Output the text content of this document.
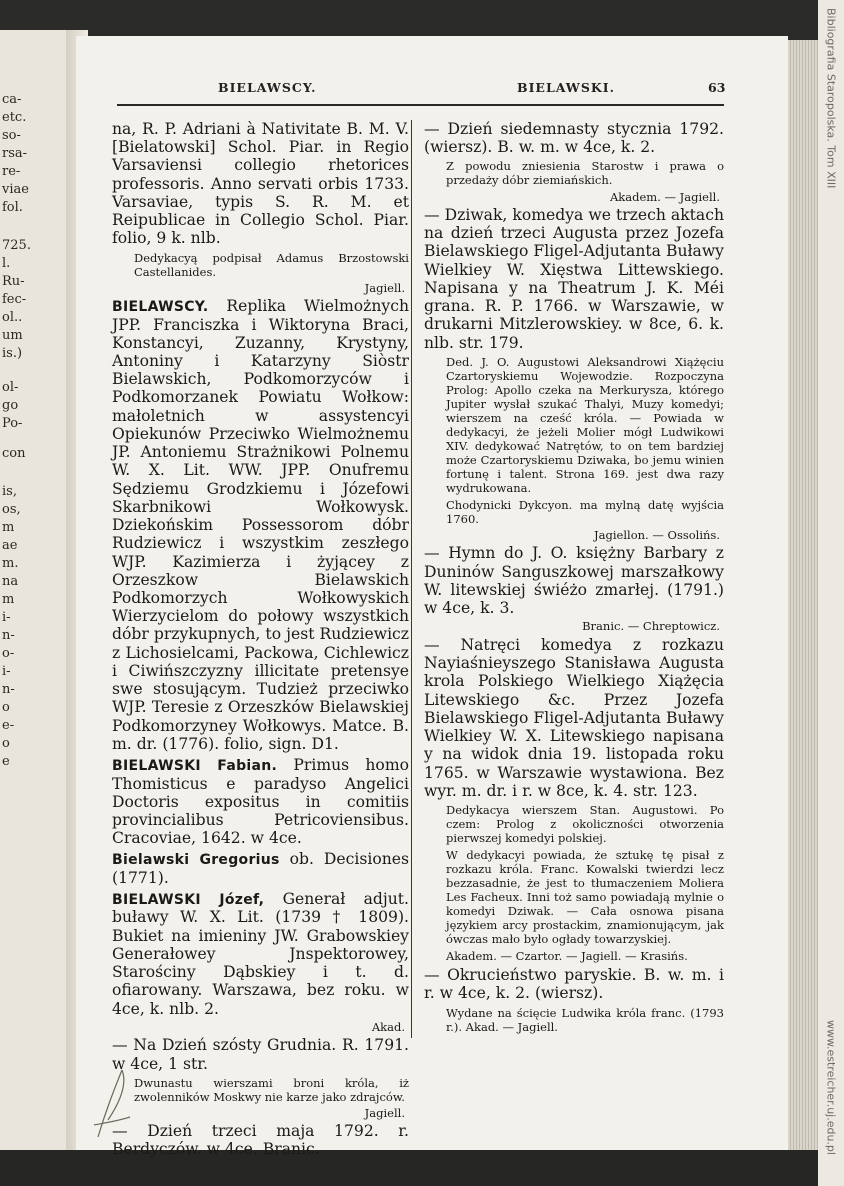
ca-
etc.
so-
rsa-
re-
viae
fol.
725.
l.
Ru-
fec-
ol..
um
is.)
ol-
go
Po-
con
is,
os,
m
ae
m.
na
m
i-
n-
o-
i-
n-
o
e-
o
e
Bibliografia Staropolska. Tom XIII
www.estreicher.uj.edu.pl
BIELAWSCY.	BIELAWSKI.	63
na, R. P. Adriani à Nativitate B. M. V. [Bielatowski] Schol. Piar. in Regio Varsaviensi collegio rhetorices professoris. Anno servati orbis 1733. Varsaviae, typis S. R. M. et Reipublicae in Collegio Schol. Piar. folio, 9 k. nlb.
Dedykacyą podpisał Adamus Brzostowski Castellanides.
Jagiell.
BIELAWSCY. Replika Wielmożnych JPP. Franciszka i Wiktoryna Braci, Konstancyi, Zuzanny, Krystyny, Antoniny i Katarzyny Siòstr Bielawskich, Podkomorzyców i Podkomorzanek Powiatu Wołkow: małoletnich w assystencyi Opiekunów Przeciwko Wielmożnemu JP. Antoniemu Strażnikowi Polnemu W. X. Lit. WW. JPP. Onufremu Sędziemu Grodzkiemu i Józefowi Skarbnikowi Wołkowysk. Dziekońskim Possessorom dóbr Rudziewicz i wszystkim zeszłego WJP. Kazimierza i żyjącey z Orzeszkow Bielawskich Podkomorzych Wołkowyskich Wierzycielom do połowy wszystkich dóbr przykupnych, to jest Rudziewicz z Lichosielcami, Packowa, Cichlewicz i Ciwińszczyzny illicitate pretensye swe stosującym. Tudzież przeciwko WJP. Teresie z Orzeszków Bielawskiej Podkomorzyney Wołkowys. Matce. B. m. dr. (1776). folio, sign. D1.
BIELAWSKI Fabian. Primus homo Thomisticus e paradyso Angelici Doctoris expositus in comitiis provincialibus Petricoviensibus. Cracoviae, 1642. w 4ce.
Bielawski Gregorius ob. Decisiones (1771).
BIELAWSKI Józef, Generał adjut. buławy W. X. Lit. (1739 † 1809). Bukiet na imieniny JW. Grabowskiey Generałowey Jnspektorowey, Starościny Dąbskiey i t. d. ofiarowany. Warszawa, bez roku. w 4ce, k. nlb. 2.
Akad.
— Na Dzień szósty Grudnia. R. 1791. w 4ce, 1 str.
Dwunastu wierszami broni króla, iż zwolenników Moskwy nie karze jako zdrajców.
Jagiell.
— Dzień trzeci maja 1792. r. Berdyczów. w 4ce. Branic.
— Dzień siedemnasty stycznia 1792. (wiersz). B. w. m. w 4ce, k. 2.
Z powodu zniesienia Starostw i prawa o przedaży dóbr ziemiańskich.
Akadem. — Jagiell.
— Dziwak, komedya we trzech aktach na dzień trzeci Augusta przez Jozefa Bielawskiego Fligel-Adjutanta Buławy Wielkiey W. Xięstwa Littewskiego. Napisana y na Theatrum J. K. Méi grana. R. P. 1766. w Warszawie, w drukarni Mitzlerowskiey. w 8ce, 6. k. nlb. str. 179.
Ded. J. O. Augustowi Aleksandrowi Xiążęciu Czartoryskiemu Wojewodzie. Rozpoczyna Prolog: Apollo czeka na Merkurysza, którego Jupiter wysłał szukać Thalyi, Muzy komedyi; wierszem na cześć króla. — Powiada w dedykacyi, że jeżeli Molier mógł Ludwikowi XIV. dedykować Natrętów, to on tem bardziej może Czartoryskiemu Dziwaka, bo jemu winien fortunę i talent. Strona 169. jest dwa razy wydrukowana.
Chodynicki Dykcyon. ma mylną datę wyjścia 1760.
Jagiellon. — Ossolińs.
— Hymn do J. O. księżny Barbary z Duninów Sanguszkowej marszałkowy W. litewskiej świéżo zmarłej. (1791.) w 4ce, k. 3.
Branic. — Chreptowicz.
— Natręci komedya z rozkazu Nayiaśnieyszego Stanisława Augusta krola Polskiego Wielkiego Xiążęcia Litewskiego &c. Przez Jozefa Bielawskiego Fligel-Adjutanta Buławy Wielkiey W. X. Litewskiego napisana y na widok dnia 19. listopada roku 1765. w Warszawie wystawiona. Bez wyr. m. dr. i r. w 8ce, k. 4. str. 123.
Dedykacya wierszem Stan. Augustowi. Po czem: Prolog z okoliczności otworzenia pierwszej komedyi polskiej.
W dedykacyi powiada, że sztukę tę pisał z rozkazu króla. Franc. Kowalski twierdzi lecz bezzasadnie, że jest to tłumaczeniem Moliera Les Facheux. Inni toż samo powiadają mylnie o komedyi Dziwak. — Cała osnowa pisana językiem arcy prostackim, znamionującym, jak ówczas mało było ogłady towarzyskiej.
Akadem. — Czartor. — Jagiell. — Krasińs.
— Okrucieństwo paryskie. B. w. m. i r. w 4ce, k. 2. (wiersz).
Wydane na ścięcie Ludwika króla franc. (1793 r.). Akad. — Jagiell.
